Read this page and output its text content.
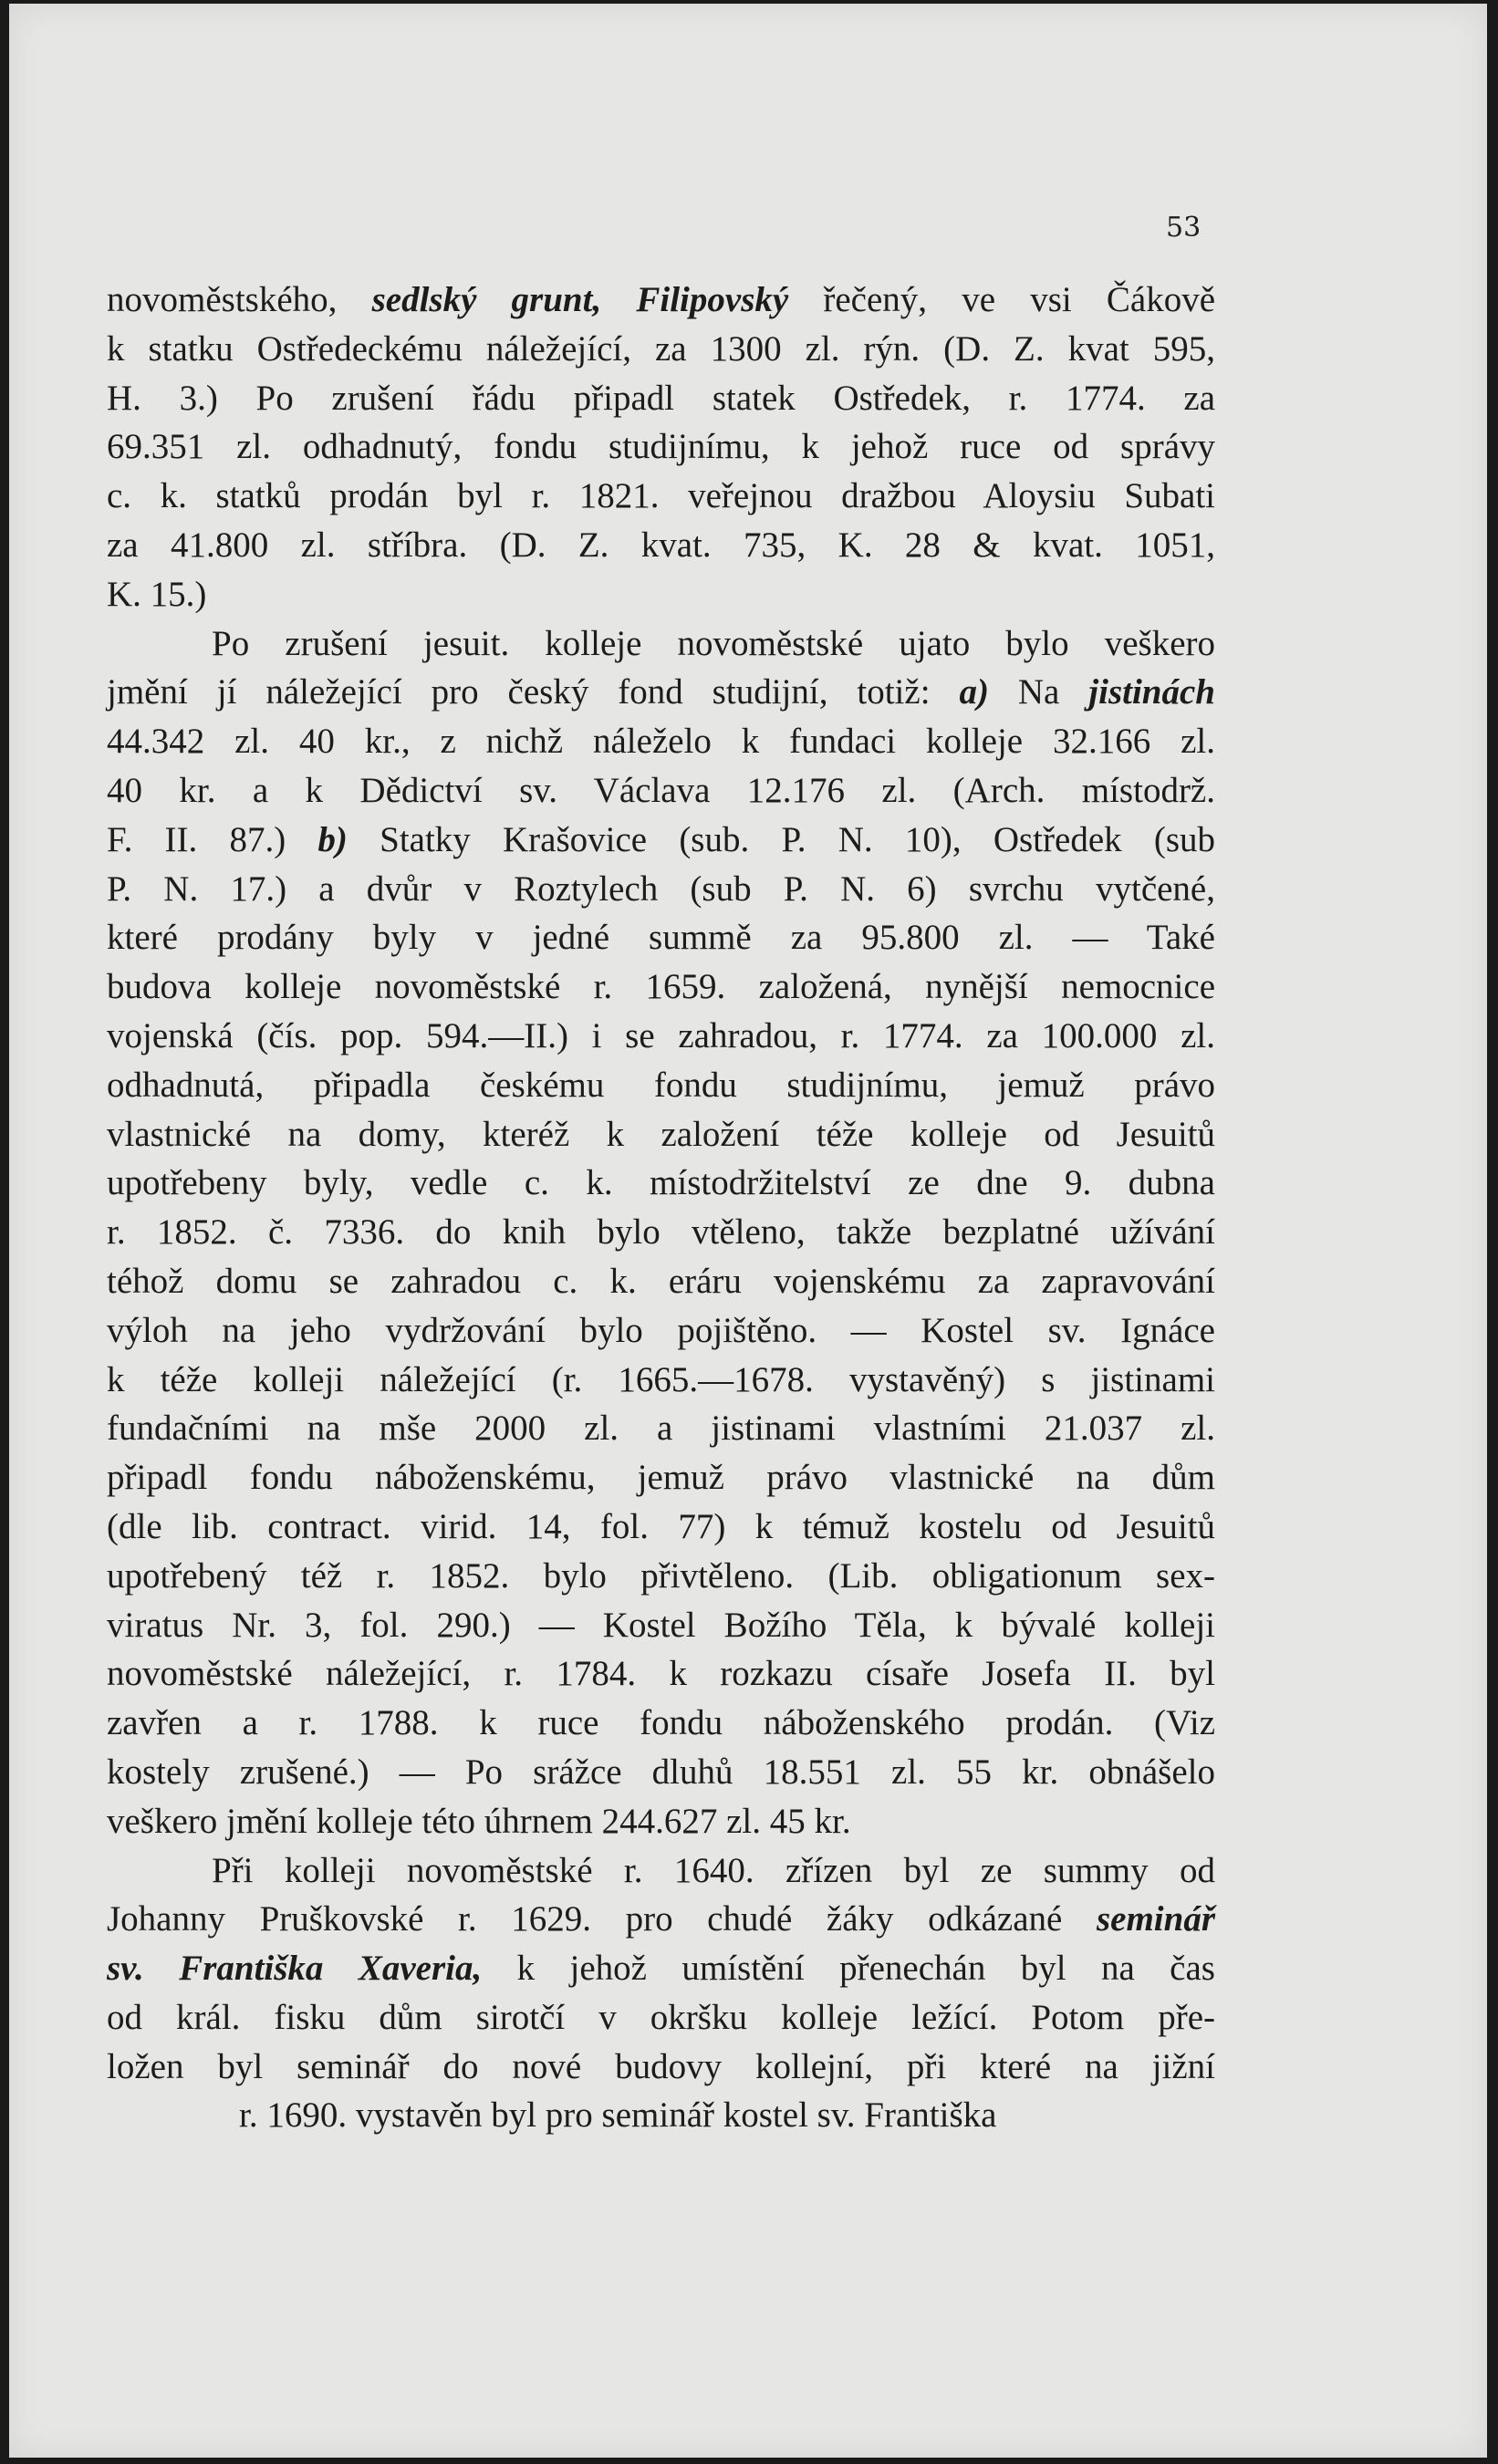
53
novoměstského, sedlský grunt, Filipovský řečený, ve vsi Čákově
k statku Ostředeckému náležející, za 1300 zl. rýn. (D. Z. kvat 595,
H. 3.) Po zrušení řádu připadl statek Ostředek, r. 1774. za
69.351 zl. odhadnutý, fondu studijnímu, k jehož ruce od správy
c. k. statků prodán byl r. 1821. veřejnou dražbou Aloysiu Subati
za 41.800 zl. stříbra. (D. Z. kvat. 735, K. 28 & kvat. 1051,
K. 15.)
Po zrušení jesuit. kolleje novoměstské ujato bylo veškero
jmění jí náležející pro český fond studijní, totiž: a) Na jistinách
44.342 zl. 40 kr., z nichž náleželo k fundaci kolleje 32.166 zl.
40 kr. a k Dědictví sv. Václava 12.176 zl. (Arch. místodrž.
F. II. 87.) b) Statky Krašovice (sub. P. N. 10), Ostředek (sub
P. N. 17.) a dvůr v Roztylech (sub P. N. 6) svrchu vytčené,
které prodány byly v jedné summě za 95.800 zl. — Také
budova kolleje novoměstské r. 1659. založená, nynější nemocnice
vojenská (čís. pop. 594.—II.) i se zahradou, r. 1774. za 100.000 zl.
odhadnutá, připadla českému fondu studijnímu, jemuž právo
vlastnické na domy, kteréž k založení téže kolleje od Jesuitů
upotřebeny byly, vedle c. k. místodržitelství ze dne 9. dubna
r. 1852. č. 7336. do knih bylo vtěleno, takže bezplatné užívání
téhož domu se zahradou c. k. eráru vojenskému za zapravování
výloh na jeho vydržování bylo pojištěno. — Kostel sv. Ignáce
k téže kolleji náležející (r. 1665.—1678. vystavěný) s jistinami
fundačními na mše 2000 zl. a jistinami vlastními 21.037 zl.
připadl fondu náboženskému, jemuž právo vlastnické na dům
(dle lib. contract. virid. 14, fol. 77) k témuž kostelu od Jesuitů
upotřebený též r. 1852. bylo přivtěleno. (Lib. obligationum sex-
viratus Nr. 3, fol. 290.) — Kostel Božího Těla, k bývalé kolleji
novoměstské náležející, r. 1784. k rozkazu císaře Josefa II. byl
zavřen a r. 1788. k ruce fondu náboženského prodán. (Viz
kostely zrušené.) — Po srážce dluhů 18.551 zl. 55 kr. obnášelo
veškero jmění kolleje této úhrnem 244.627 zl. 45 kr.
Při kolleji novoměstské r. 1640. zřízen byl ze summy od
Johanny Pruškovské r. 1629. pro chudé žáky odkázané seminář
sv. Františka Xaveria, k jehož umístění přenechán byl na čas
od král. fisku dům sirotčí v okršku kolleje ležící. Potom pře-
ložen byl seminář do nové budovy kollejní, při které na jižní
r. 1690. vystavěn byl pro seminář kostel sv. Františka
